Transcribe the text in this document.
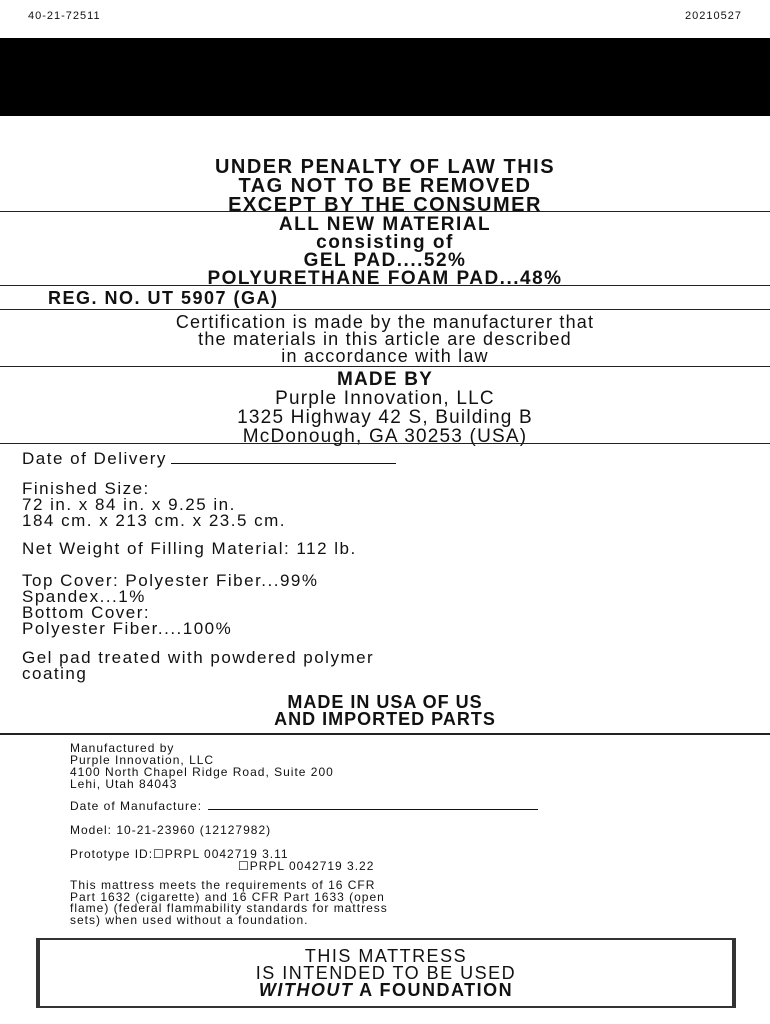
40-21-72511	20210527
UNDER PENALTY OF LAW THIS
TAG NOT TO BE REMOVED
EXCEPT BY THE CONSUMER
ALL NEW MATERIAL
consisting of
GEL PAD....52%
POLYURETHANE FOAM PAD...48%
REG. NO. UT 5907 (GA)
Certification is made by the manufacturer that
the materials in this article are described
in accordance with law
MADE BY
Purple Innovation, LLC
1325 Highway 42 S, Building B
McDonough, GA 30253 (USA)
Date of Delivery
Finished Size:
72 in. x 84 in. x 9.25 in.
184 cm. x 213 cm. x 23.5 cm.
Net Weight of Filling Material: 112 lb.
Top Cover: Polyester Fiber...99%
Spandex...1%
Bottom Cover:
Polyester Fiber....100%
Gel pad treated with powdered polymer
coating
MADE IN USA OF US
AND IMPORTED PARTS
Manufactured by
Purple Innovation, LLC
4100 North Chapel Ridge Road, Suite 200
Lehi, Utah 84043
Date of Manufacture:
Model: 10-21-23960 (12127982)
Prototype ID:☐PRPL 0042719 3.11
☐PRPL 0042719 3.22
This mattress meets the requirements of 16 CFR
Part 1632 (cigarette) and 16 CFR Part 1633 (open
flame) (federal flammability standards for mattress
sets) when used without a foundation.
THIS MATTRESS
IS INTENDED TO BE USED
WITHOUT A FOUNDATION
